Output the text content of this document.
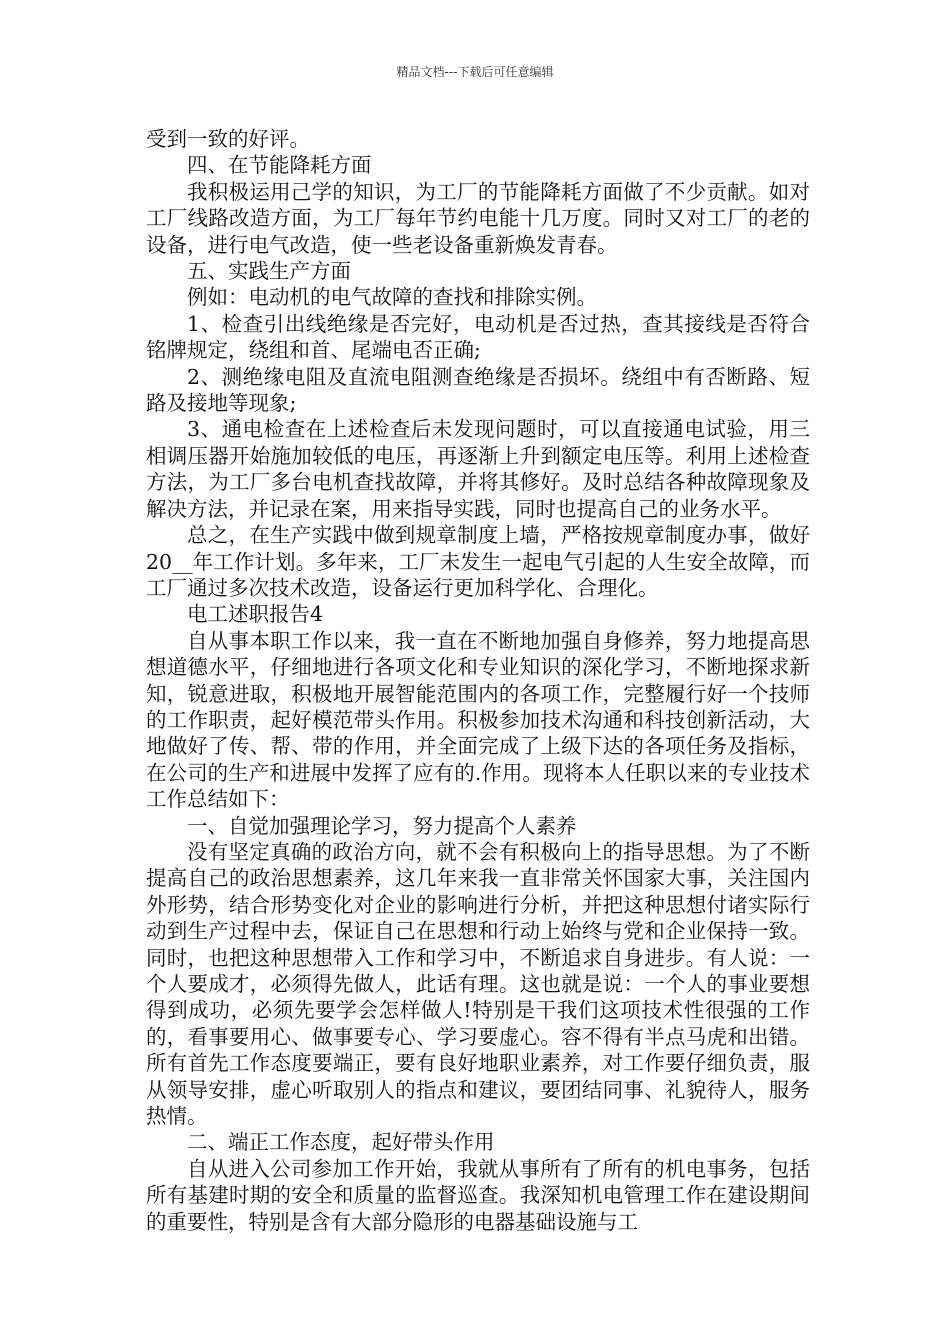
精品文档---下载后可任意编辑

受到一致的好评。

四、在节能降耗方面

我积极运用己学的知识，为工厂的节能降耗方面做了不少贡献。如对工厂线路改造方面，为工厂每年节约电能十几万度。同时又对工厂的老的设备，进行电气改造，使一些老设备重新焕发青春。

五、实践生产方面

例如：电动机的电气故障的查找和排除实例。

1、检查引出线绝缘是否完好，电动机是否过热，查其接线是否符合铭牌规定，绕组和首、尾端电否正确;

2、测绝缘电阻及直流电阻测查绝缘是否损坏。绕组中有否断路、短路及接地等现象;

3、通电检查在上述检查后未发现问题时，可以直接通电试验，用三相调压器开始施加较低的电压，再逐渐上升到额定电压等。利用上述检查方法，为工厂多台电机查找故障，并将其修好。及时总结各种故障现象及解决方法，并记录在案，用来指导实践，同时也提高自己的业务水平。

总之，在生产实践中做到规章制度上墙，严格按规章制度办事，做好20__年工作计划。多年来，工厂未发生一起电气引起的人生安全故障，而工厂通过多次技术改造，设备运行更加科学化、合理化。

电工述职报告4

自从事本职工作以来，我一直在不断地加强自身修养，努力地提高思想道德水平，仔细地进行各项文化和专业知识的深化学习，不断地探求新知，锐意进取，积极地开展智能范围内的各项工作，完整履行好一个技师的工作职责，起好模范带头作用。积极参加技术沟通和科技创新活动，大地做好了传、帮、带的作用，并全面完成了上级下达的各项任务及指标，在公司的生产和进展中发挥了应有的.作用。现将本人任职以来的专业技术工作总结如下：

一、自觉加强理论学习，努力提高个人素养

没有坚定真确的政治方向，就不会有积极向上的指导思想。为了不断提高自己的政治思想素养，这几年来我一直非常关怀国家大事，关注国内外形势，结合形势变化对企业的影响进行分析，并把这种思想付诸实际行动到生产过程中去，保证自己在思想和行动上始终与党和企业保持一致。同时，也把这种思想带入工作和学习中，不断追求自身进步。有人说：一个人要成才，必须得先做人，此话有理。这也就是说：一个人的事业要想得到成功，必须先要学会怎样做人!特别是干我们这项技术性很强的工作的，看事要用心、做事要专心、学习要虚心。容不得有半点马虎和出错。所有首先工作态度要端正，要有良好地职业素养，对工作要仔细负责，服从领导安排，虚心听取别人的指点和建议，要团结同事、礼貌待人，服务热情。

二、端正工作态度，起好带头作用

自从进入公司参加工作开始，我就从事所有了所有的机电事务，包括所有基建时期的安全和质量的监督巡查。我深知机电管理工作在建设期间的重要性，特别是含有大部分隐形的电器基础设施与工
